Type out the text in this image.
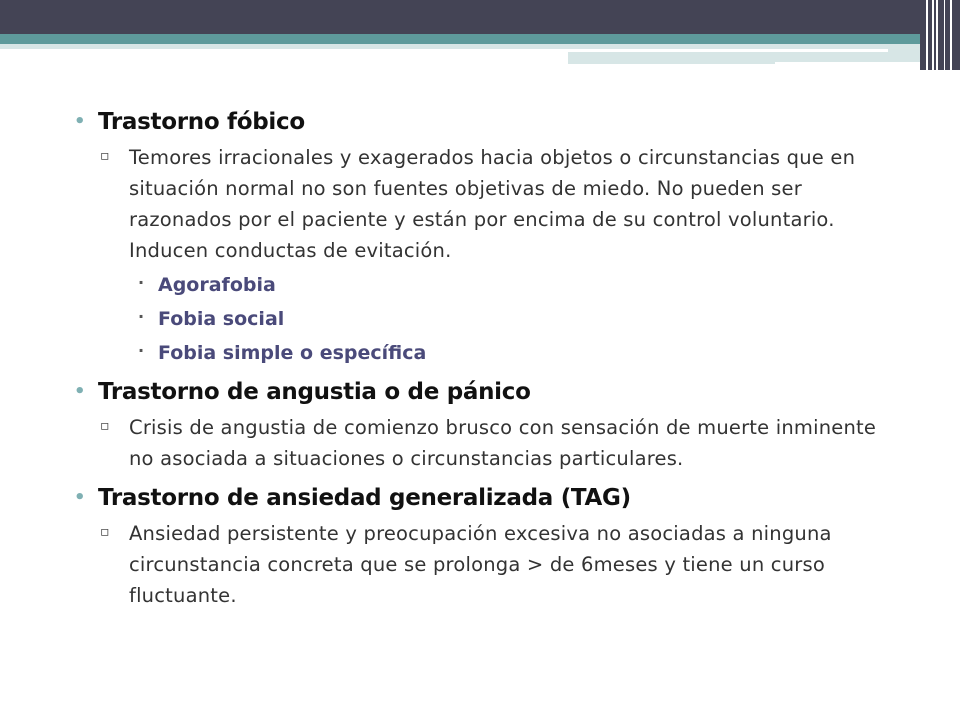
• Trastorno fóbico
▫ Temores irracionales y exagerados hacia objetos o circunstancias que en situación normal no son fuentes objetivas de miedo. No pueden ser razonados por el paciente y están por encima de su control voluntario. Inducen conductas de evitación.
· Agorafobia
· Fobia social
· Fobia simple o específica
• Trastorno de angustia o de pánico
▫ Crisis de angustia de comienzo brusco con sensación de muerte inminente no asociada a situaciones o circunstancias particulares.
• Trastorno de ansiedad generalizada (TAG)
▫ Ansiedad persistente y preocupación excesiva no asociadas a ninguna circunstancia concreta que se prolonga > de 6meses y tiene un curso fluctuante.
